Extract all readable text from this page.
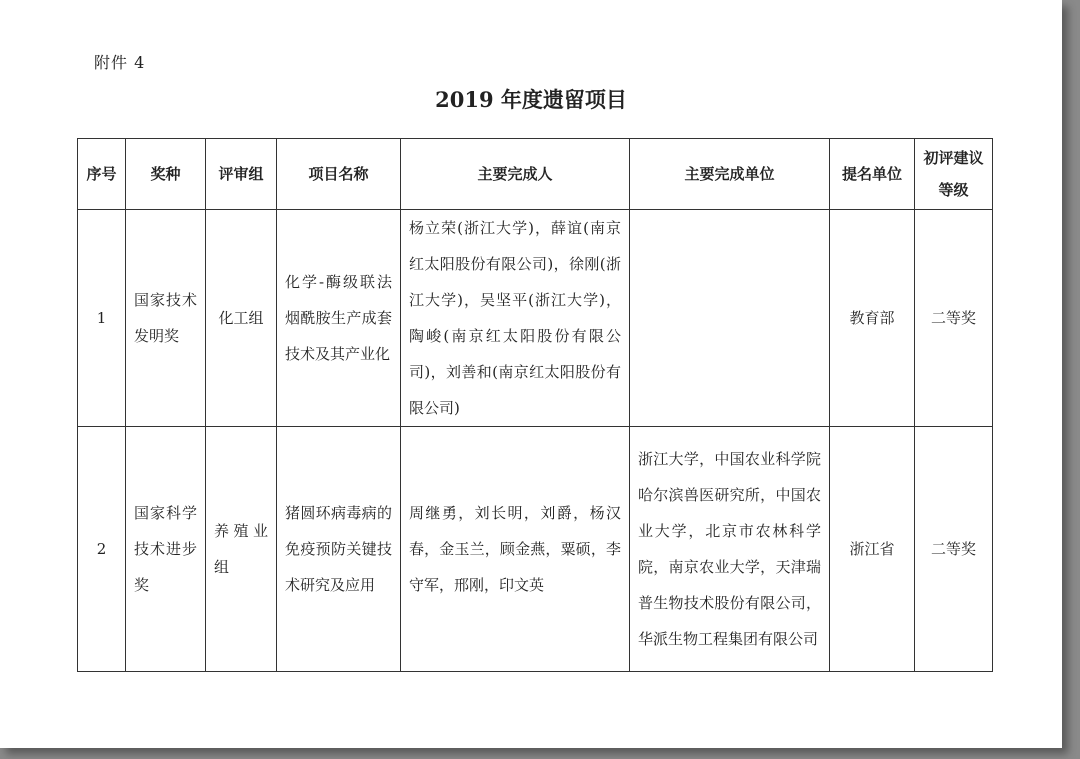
附件 4
2019 年度遗留项目
序号	奖种	评审组	项目名称	主要完成人	主要完成单位	提名单位	初评建议等级
1	国家技术发明奖	化工组	化学-酶级联法烟酰胺生产成套技术及其产业化	杨立荣(浙江大学)，薛谊(南京红太阳股份有限公司)，徐刚(浙江大学)，吴坚平(浙江大学)，陶峻(南京红太阳股份有限公司)，刘善和(南京红太阳股份有限公司)		教育部	二等奖
2	国家科学技术进步奖	养殖业组	猪圆环病毒病的免疫预防关键技术研究及应用	周继勇，刘长明，刘爵，杨汉春，金玉兰，顾金燕，粟硕，李守军，邢刚，印文英	浙江大学，中国农业科学院哈尔滨兽医研究所，中国农业大学，北京市农林科学院，南京农业大学，天津瑞普生物技术股份有限公司，华派生物工程集团有限公司	浙江省	二等奖
